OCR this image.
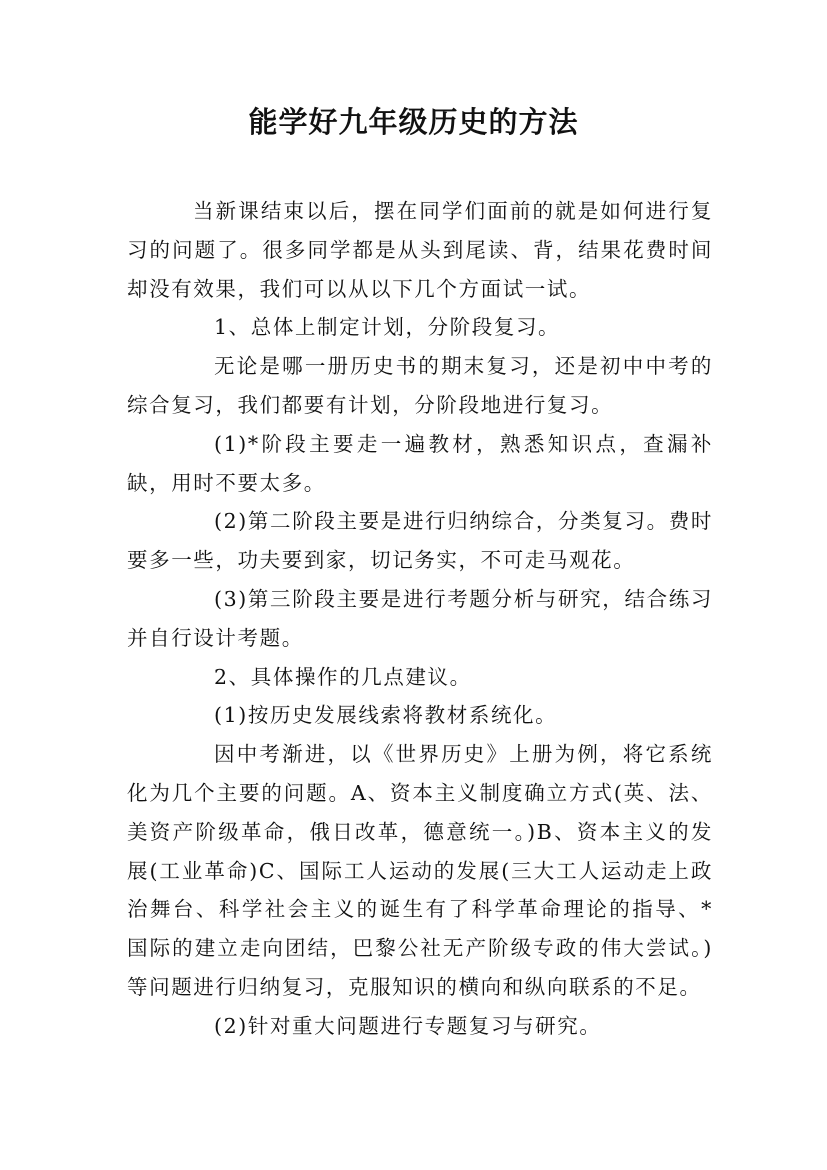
能学好九年级历史的方法

当新课结束以后，摆在同学们面前的就是如何进行复习的问题了。很多同学都是从头到尾读、背，结果花费时间却没有效果，我们可以从以下几个方面试一试。

1、总体上制定计划，分阶段复习。

无论是哪一册历史书的期末复习，还是初中中考的综合复习，我们都要有计划，分阶段地进行复习。

(1)*阶段主要走一遍教材，熟悉知识点，查漏补缺，用时不要太多。

(2)第二阶段主要是进行归纳综合，分类复习。费时要多一些，功夫要到家，切记务实，不可走马观花。

(3)第三阶段主要是进行考题分析与研究，结合练习并自行设计考题。

2、具体操作的几点建议。

(1)按历史发展线索将教材系统化。

因中考渐进，以《世界历史》上册为例，将它系统化为几个主要的问题。A、资本主义制度确立方式(英、法、美资产阶级革命，俄日改革，德意统一。)B、资本主义的发展(工业革命)C、国际工人运动的发展(三大工人运动走上政治舞台、科学社会主义的诞生有了科学革命理论的指导、*国际的建立走向团结，巴黎公社无产阶级专政的伟大尝试。)等问题进行归纳复习，克服知识的横向和纵向联系的不足。

(2)针对重大问题进行专题复习与研究。
